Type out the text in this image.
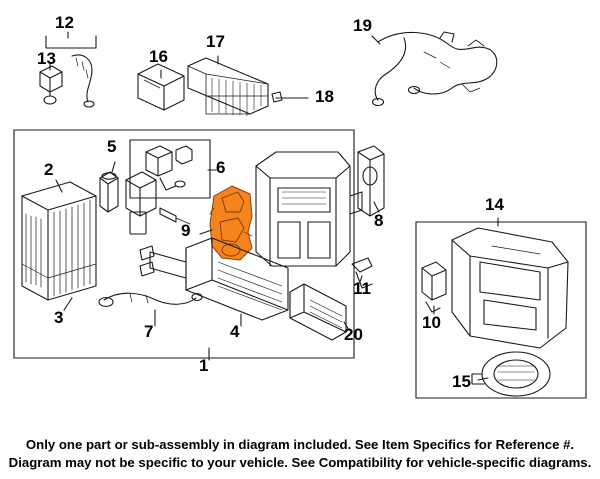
12
13	16
17
19
18
5
6
2
14
8
9
11
3	10
7	4	20
1
15
Only one part or sub-assembly in diagram included. See Item Specifics for Reference #.
Diagram may not be specific to your vehicle. See Compatibility for vehicle-specific diagrams.
